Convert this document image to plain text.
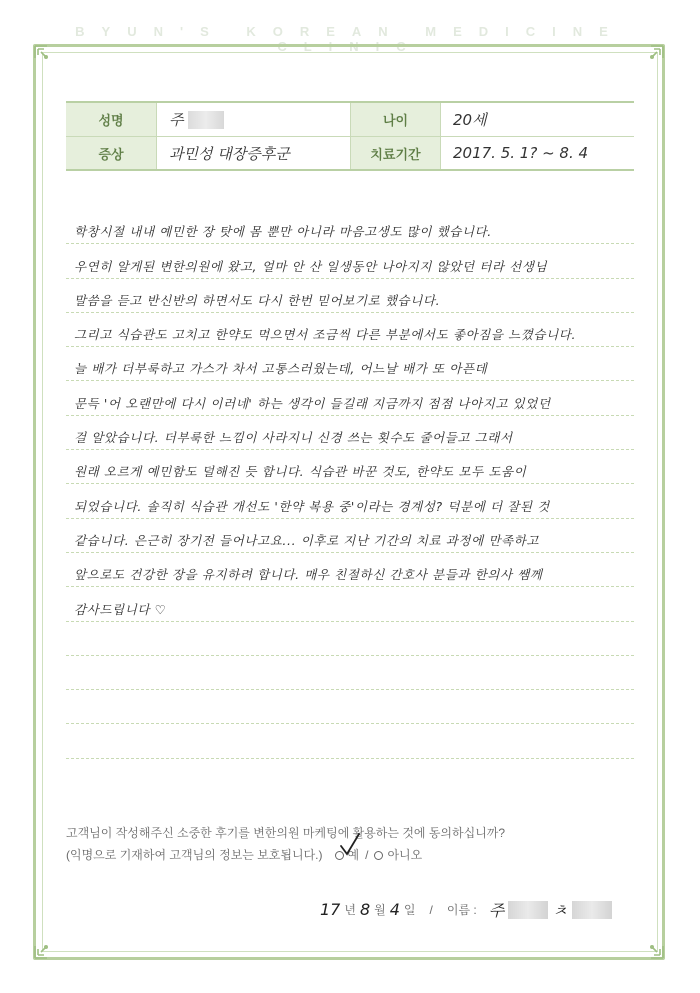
BYUN'S KOREAN MEDICINE CLINIC
성명	주	나이	20세
증상	과민성 대장증후군	치료기간	2017. 5. 1? ~ 8. 4
학창시절 내내 예민한 장 탓에 몸 뿐만 아니라 마음고생도 많이 했습니다.
우연히 알게된 변한의원에 왔고, 얼마 안 산 일생동안 나아지지 않았던 터라 선생님
말씀을 듣고 반신반의 하면서도 다시 한번 믿어보기로 했습니다.
그리고 식습관도 고치고 한약도 먹으면서 조금씩 다른 부분에서도 좋아짐을 느꼈습니다.
늘 배가 더부룩하고 가스가 차서 고통스러웠는데, 어느날 배가 또 아픈데
문득 '어 오랜만에 다시 이러네' 하는 생각이 들길래 지금까지 점점 나아지고 있었던
걸 알았습니다. 더부룩한 느낌이 사라지니 신경 쓰는 횟수도 줄어들고 그래서
원래 오르게 예민함도 덜해진 듯 합니다. 식습관 바꾼 것도, 한약도 모두 도움이
되었습니다. 솔직히 식습관 개선도 '한약 복용 중'이라는 경계성? 덕분에 더 잘된 것
같습니다. 은근히 장기전 들어나고요... 이후로 지난 기간의 치료 과정에 만족하고
앞으로도 건강한 장을 유지하려 합니다. 매우 친절하신 간호사 분들과 한의사 쌤께
감사드립니다 ♡
고객님이 작성해주신 소중한 후기를 변한의원 마케팅에 활용하는 것에 동의하십니까?
(익명으로 기재하여 고객님의 정보는 보호됩니다.) 예 / 아니오
17 년 8 월 4 일 / 이름 : 주	ㅊ
